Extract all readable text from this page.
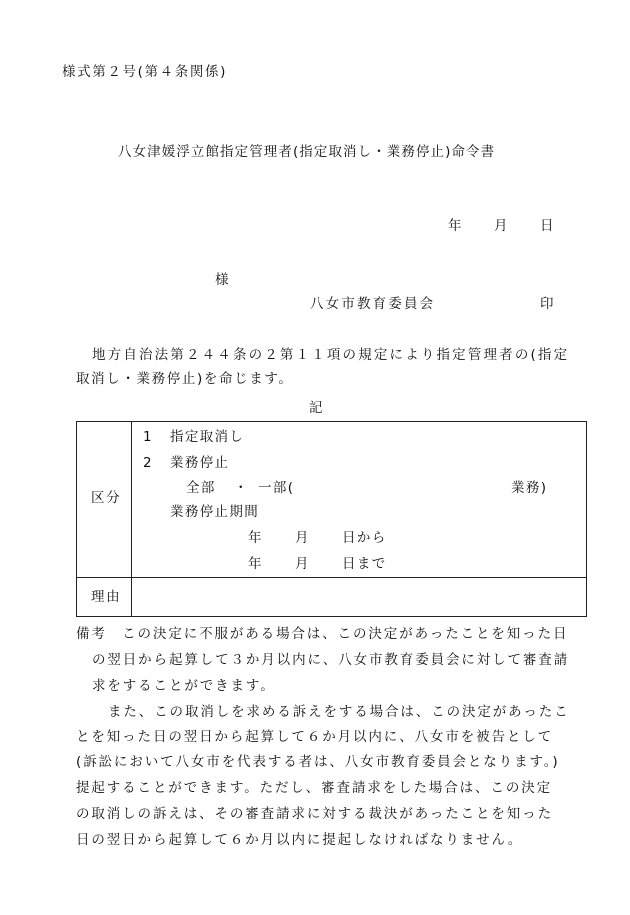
様式第２号(第４条関係)
八女津媛浮立館指定管理者(指定取消し・業務停止)命令書
年 月 日
様
八女市教育委員会	印
地方自治法第２４４条の２第１１項の規定により指定管理者の(指定
取消し・業務停止)を命じます。
記
区分
理由
1 指定取消し
2 業務停止
全部 ・ 一部(	業務)
業務停止期間
年 月 日から
年 月 日まで
備考　この決定に不服がある場合は、この決定があったことを知った日
の翌日から起算して３か月以内に、八女市教育委員会に対して審査請
求をすることができます。
また、この取消しを求める訴えをする場合は、この決定があったこ
とを知った日の翌日から起算して６か月以内に、八女市を被告として
(訴訟において八女市を代表する者は、八女市教育委員会となります。)
提起することができます。ただし、審査請求をした場合は、この決定
の取消しの訴えは、その審査請求に対する裁決があったことを知った
日の翌日から起算して６か月以内に提起しなければなりません。
